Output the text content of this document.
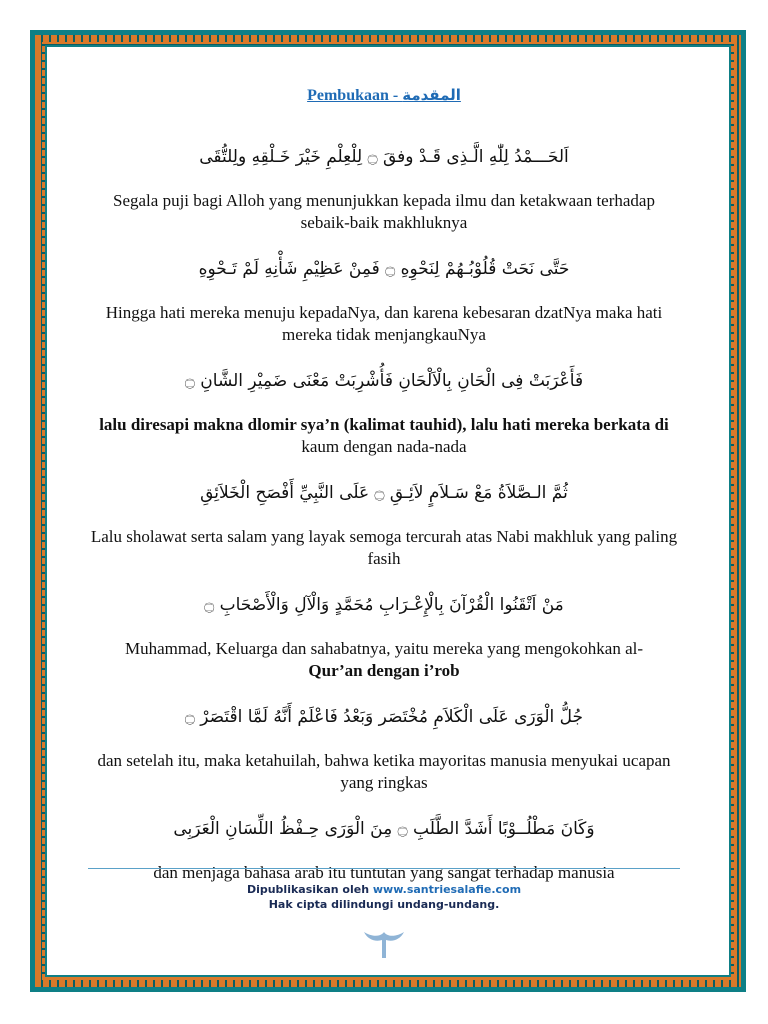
Pembukaan - المقدمة
اَلحَـــمْدُ لِلّٰهِ الَّـذِى قَـدْ وفقَ ۝ لِلْعِلْمِ خَيْرَ خَـلْقِهِ ولِلتُّقَى
Segala puji bagi Alloh yang menunjukkan kepada ilmu dan ketakwaan terhadap sebaik-baik makhluknya
حَتَّى نَحَتْ قُلُوْبُـهُمْ لِنَحْوِهِ ۝ فَمِنْ عَظِيْمِ شَأْنِهِ لَمْ تَـحْوِهِ
Hingga hati mereka menuju kepadaNya, dan karena kebesaran dzatNya maka hati mereka tidak menjangkauNya
فَأَعْرَبَتْ فِى الْحَانِ بِالْاَلْحَانِ فَأُشْرِبَتْ مَعْنَى ضَمِيْرِ الشَّانِ ۝
lalu diresapi makna dlomir sya’n (kalimat tauhid), lalu hati mereka berkata di kaum dengan nada-nada
ثُمَّ الـصَّلاَةُ مَعْ سَـلاَمٍ لاَئِـقِ ۝ عَلَى النَّبِيِّ أَفْصَحِ الْخَلاَئِقِ
Lalu sholawat serta salam yang layak semoga tercurah atas Nabi makhluk yang paling fasih
مَنْ اَتْقَنُوا الْقُرْآنَ بِالْإِعْـرَابِ مُحَمَّدٍ وَالْآلِ وَالْأَصْحَابِ ۝
Muhammad, Keluarga dan sahabatnya, yaitu mereka yang mengokohkan al-
Qur’an dengan i’rob
جُلُّ الْوَرَى عَلَى الْكَلاَمِ مُخْتَصَر وَبَعْدُ فَاعْلَمْ أَنَّهُ لَمَّا اقْتَصَرْ ۝
dan setelah itu, maka ketahuilah, bahwa ketika mayoritas manusia menyukai ucapan yang ringkas
وَكَانَ مَطْلُــوْبًا أَشَدَّ الطَّلَبِ ۝ مِنَ الْوَرَى حِـفْظُ اللِّسَانِ الْعَرَبِى
dan menjaga bahasa arab itu tuntutan yang sangat terhadap manusia
Dipublikasikan oleh www.santriesalafie.com
Hak cipta dilindungi undang-undang.
